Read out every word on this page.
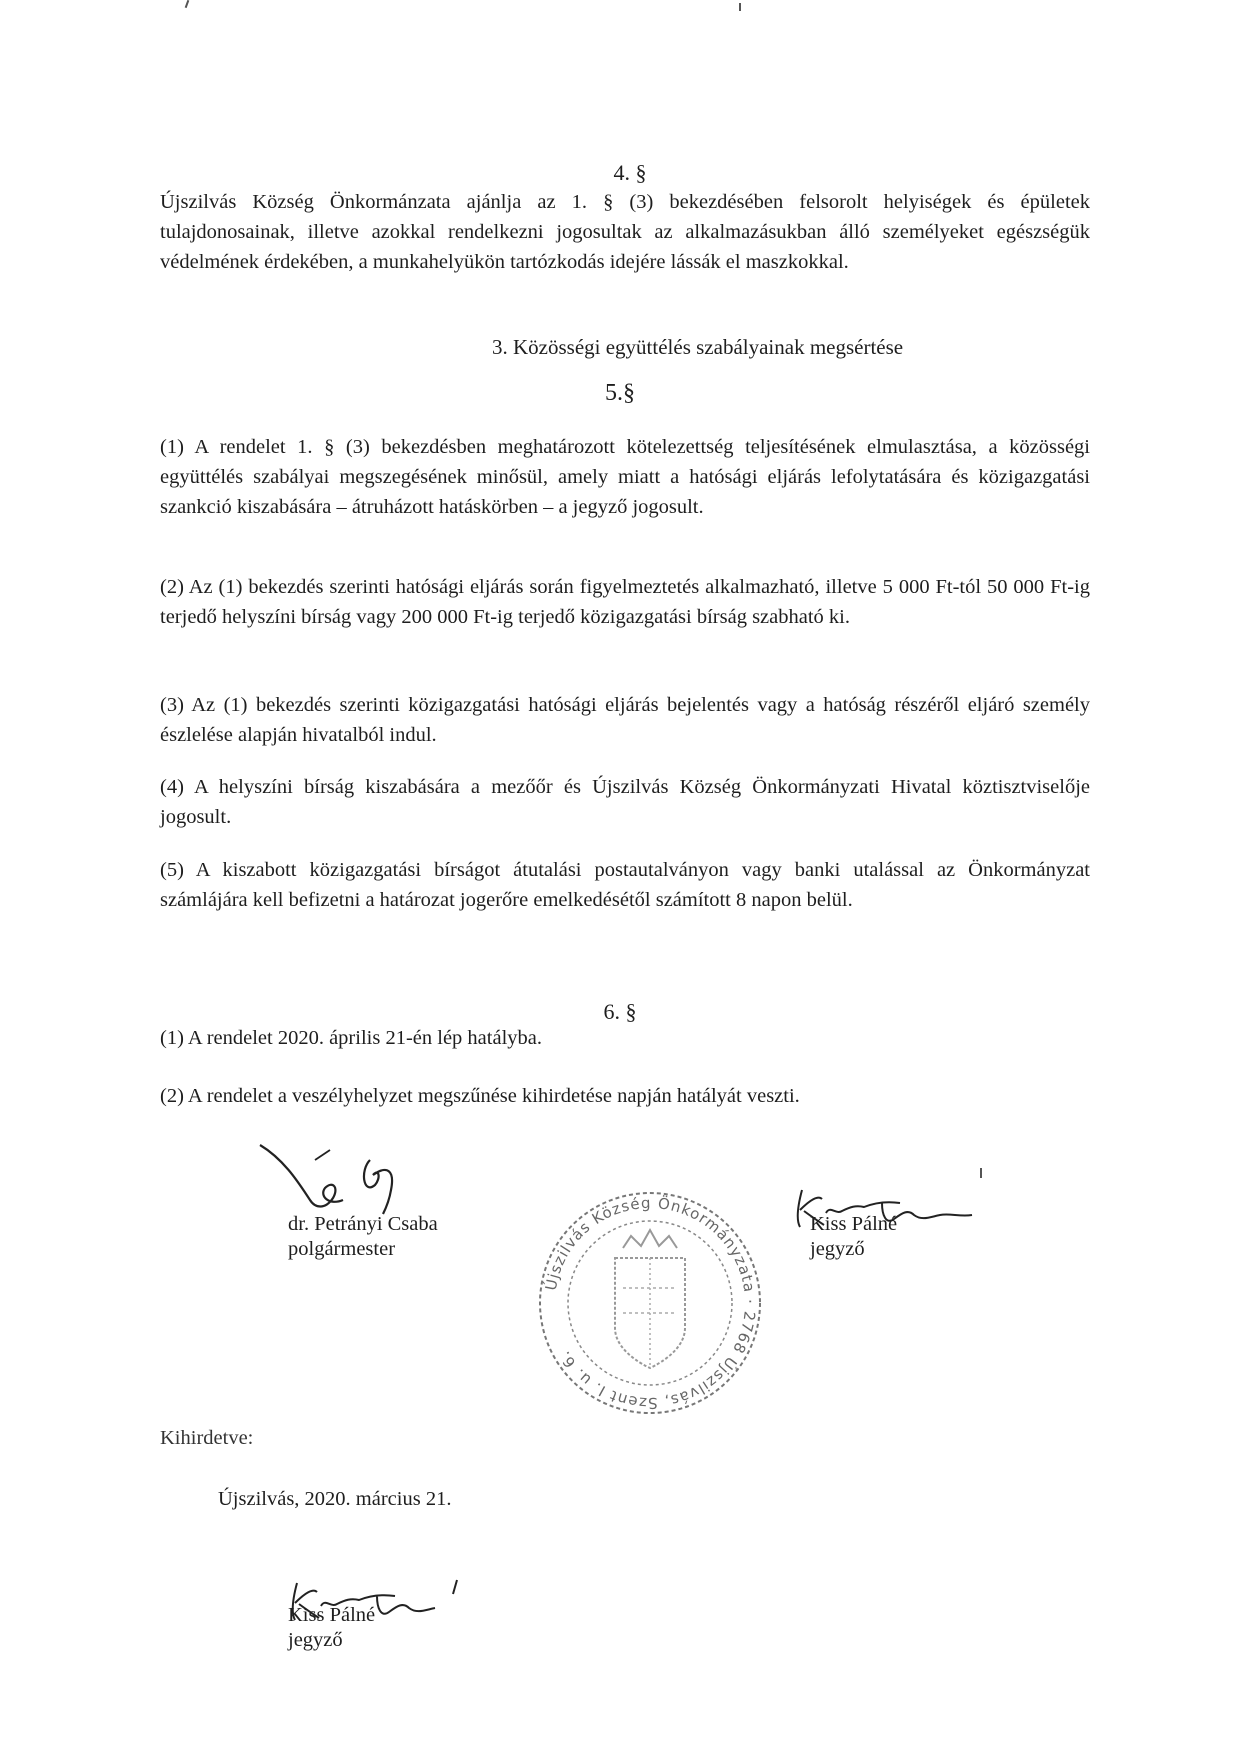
4. §

Újszilvás Község Önkormánzata ajánlja az 1. § (3) bekezdésében felsorolt helyiségek és épületek tulajdonosainak, illetve azokkal rendelkezni jogosultak az alkalmazásukban álló személyeket egészségük védelmének érdekében, a munkahelyükön tartózkodás idejére lássák el maszkokkal.

3. Közösségi együttélés szabályainak megsértése
5.§

(1) A rendelet 1. § (3) bekezdésben meghatározott kötelezettség teljesítésének elmulasztása, a közösségi együttélés szabályai megszegésének minősül, amely miatt a hatósági eljárás lefolytatására és közigazgatási szankció kiszabására – átruházott hatáskörben – a jegyző jogosult.

(2) Az (1) bekezdés szerinti hatósági eljárás során figyelmeztetés alkalmazható, illetve 5 000 Ft-tól 50 000 Ft-ig terjedő helyszíni bírság vagy 200 000 Ft-ig terjedő közigazgatási bírság szabható ki.

(3) Az (1) bekezdés szerinti közigazgatási hatósági eljárás bejelentés vagy a hatóság részéről eljáró személy észlelése alapján hivatalból indul.

(4) A helyszíni bírság kiszabására a mezőőr és Újszilvás Község Önkormányzati Hivatal köztisztviselője jogosult.

(5) A kiszabott közigazgatási bírságot átutalási postautalványon vagy banki utalással az Önkormányzat számlájára kell befizetni a határozat jogerőre emelkedésétől számított 8 napon belül.

6. §
(1) A rendelet 2020. április 21-én lép hatályba.
(2) A rendelet a veszélyhelyzet megszűnése kihirdetése napján hatályát veszti.
dr. Petrányi Csaba
polgármester
Kiss Pálné
jegyző
Újszilvás Község Önkormányzata · 2768 Újszilvás, Szent I. u. 6.
Kihirdetve:
Újszilvás, 2020. március 21.
Kiss Pálné
jegyző
